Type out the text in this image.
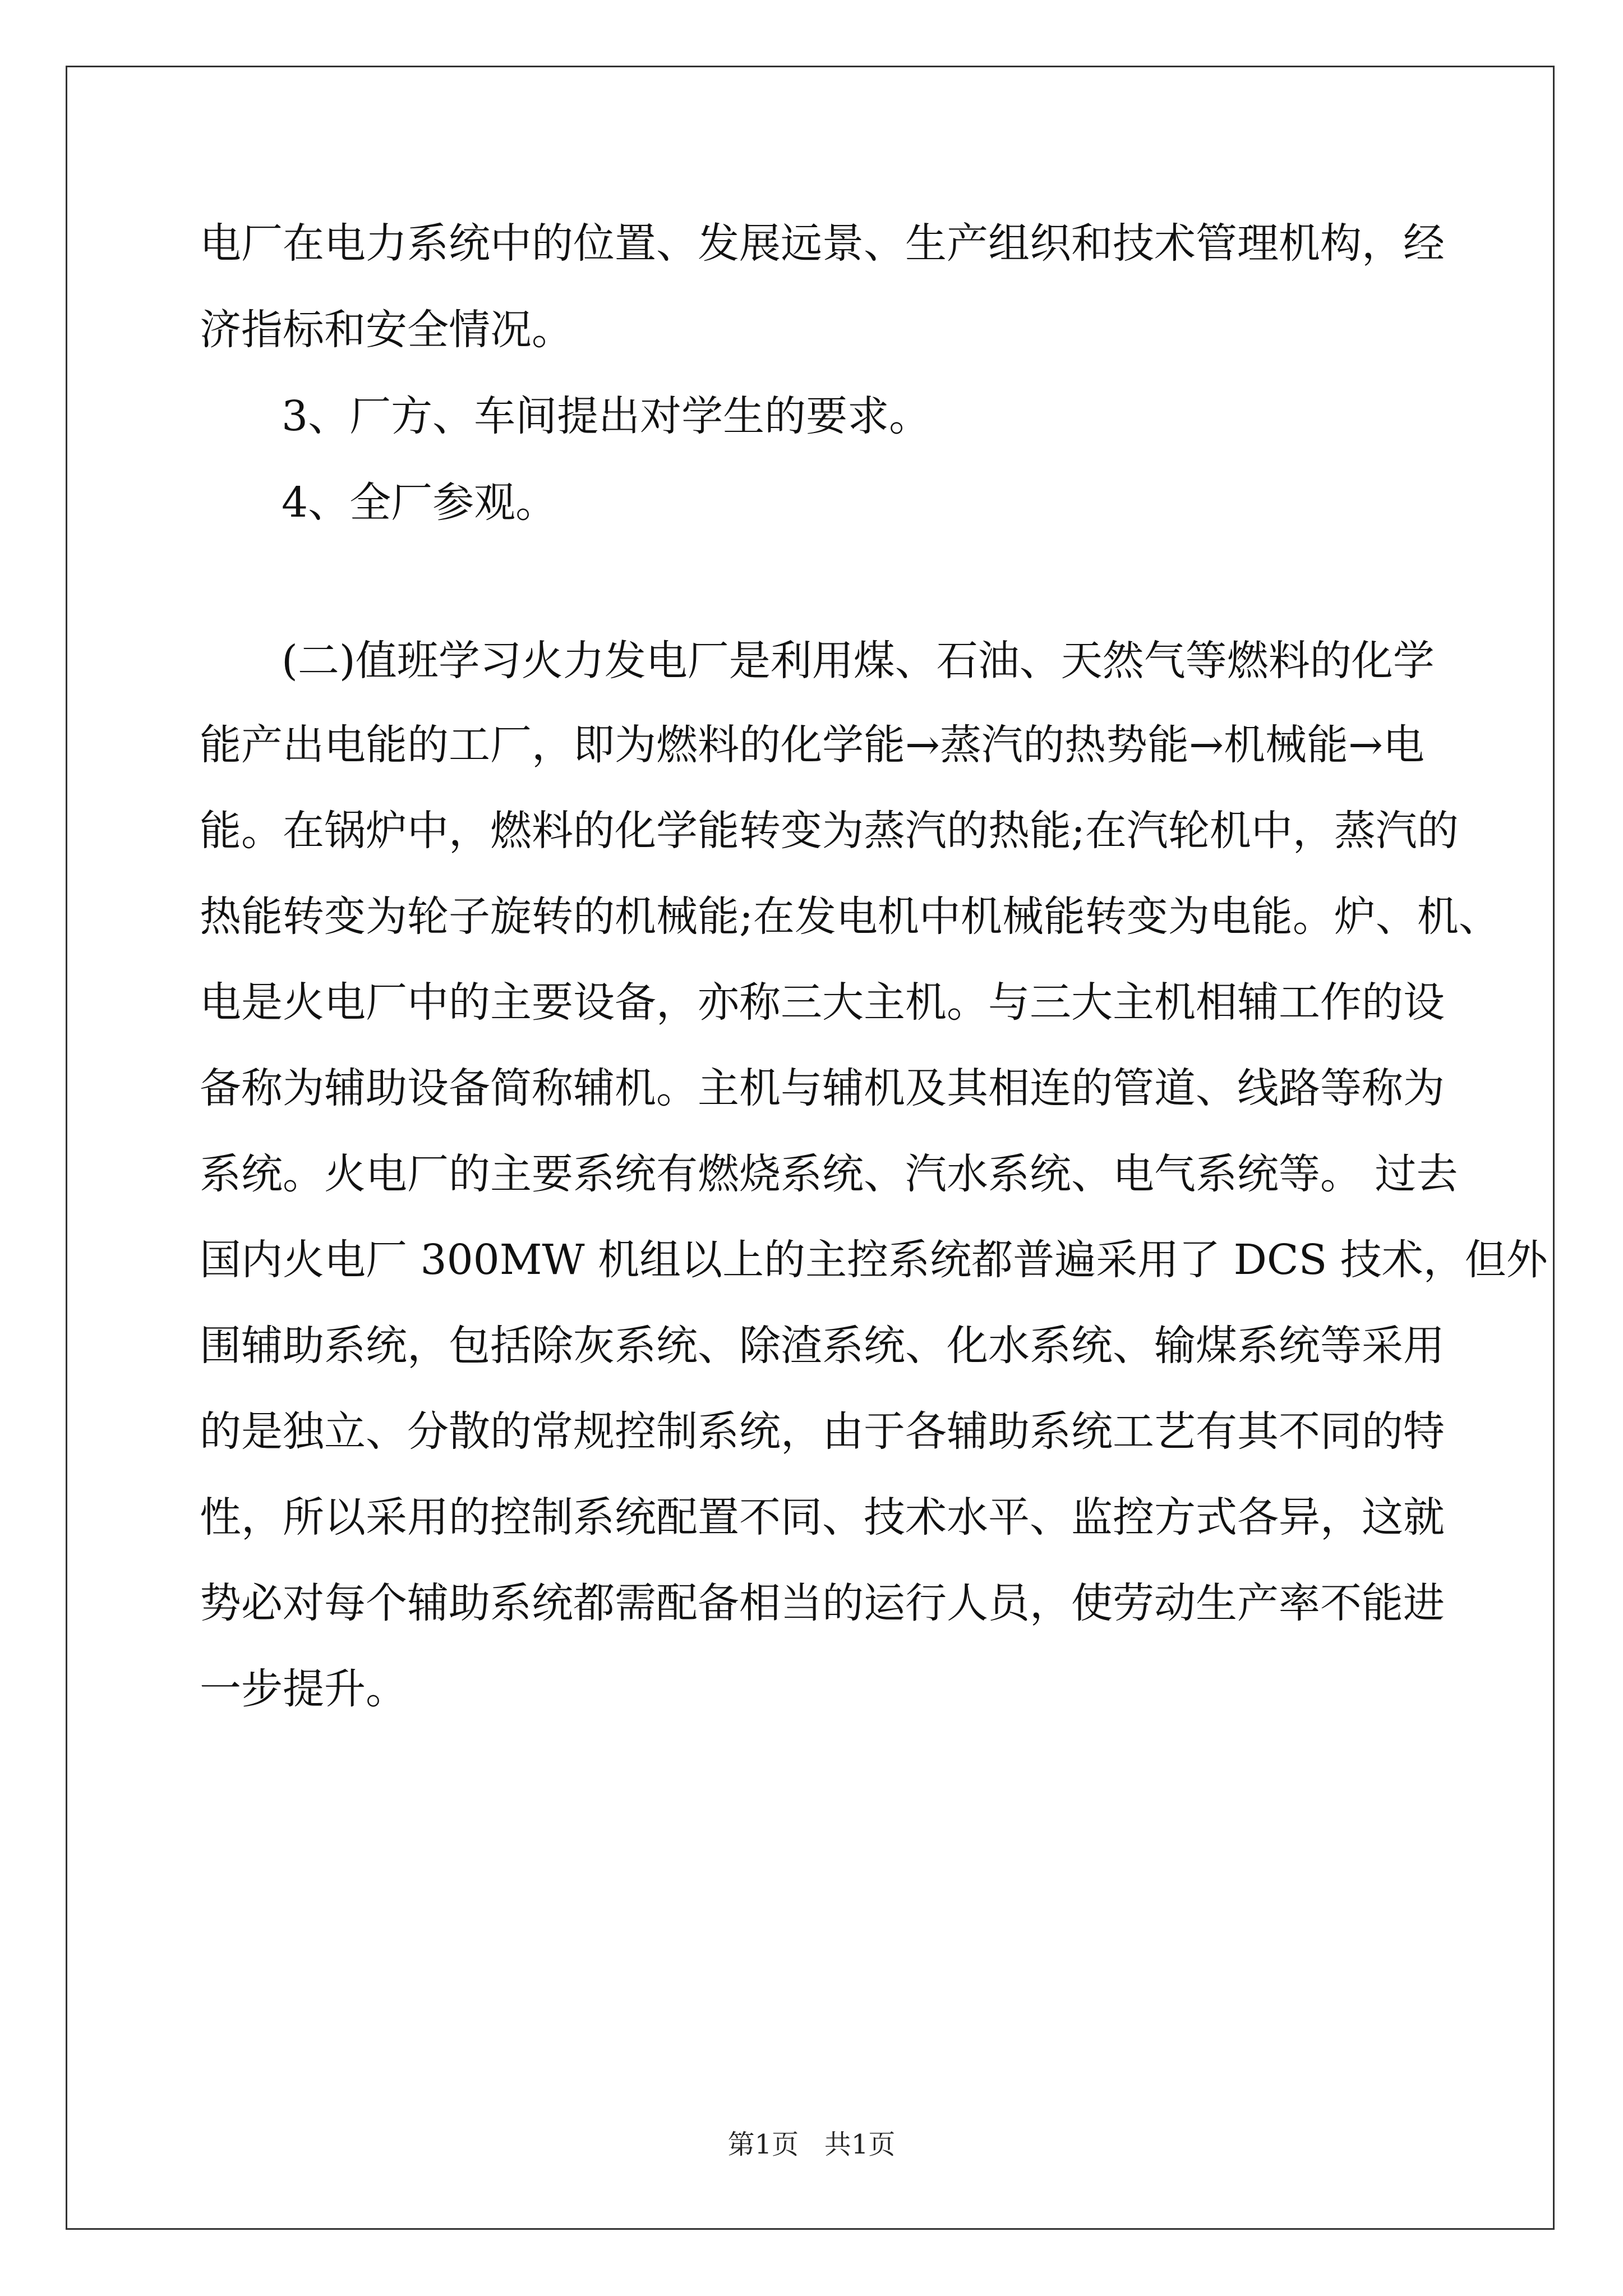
电厂在电力系统中的位置、发展远景、生产组织和技术管理机构，经
济指标和安全情况。
3、厂方、车间提出对学生的要求。
4、全厂参观。
(二)值班学习火力发电厂是利用煤、石油、天然气等燃料的化学
能产出电能的工厂，即为燃料的化学能→蒸汽的热势能→机械能→电
能。在锅炉中，燃料的化学能转变为蒸汽的热能;在汽轮机中，蒸汽的
热能转变为轮子旋转的机械能;在发电机中机械能转变为电能。炉、机、
电是火电厂中的主要设备，亦称三大主机。与三大主机相辅工作的设
备称为辅助设备简称辅机。主机与辅机及其相连的管道、线路等称为
系统。火电厂的主要系统有燃烧系统、汽水系统、电气系统等。 过去
国内火电厂 300MW 机组以上的主控系统都普遍采用了 DCS 技术，但外
围辅助系统，包括除灰系统、除渣系统、化水系统、输煤系统等采用
的是独立、分散的常规控制系统，由于各辅助系统工艺有其不同的特
性，所以采用的控制系统配置不同、技术水平、监控方式各异，这就
势必对每个辅助系统都需配备相当的运行人员，使劳动生产率不能进
一步提升。
第1页   共1页
